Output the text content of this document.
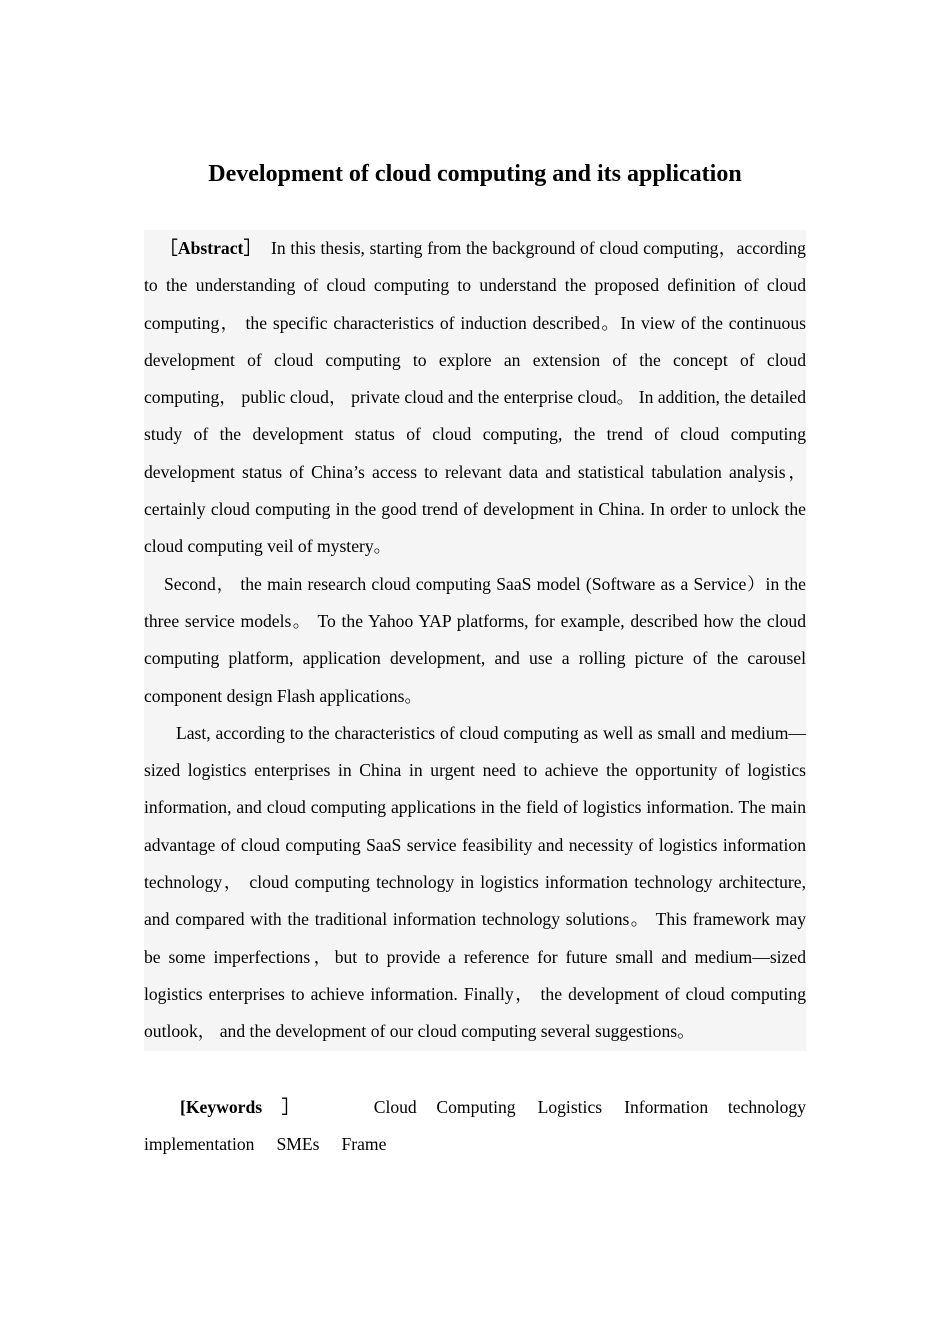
Development of cloud computing and its application

［Abstract］ In this thesis, starting from the background of cloud computing，according to the understanding of cloud computing to understand the proposed definition of cloud computing， the specific characteristics of induction described。In view of the continuous development of cloud computing to explore an extension of the concept of cloud computing， public cloud， private cloud and the enterprise cloud。 In addition, the detailed study of the development status of cloud computing, the trend of cloud computing development status of China’s access to relevant data and statistical tabulation analysis， certainly cloud computing in the good trend of development in China. In order to unlock the cloud computing veil of mystery。

Second， the main research cloud computing SaaS model (Software as a Service）in the three service models。 To the Yahoo YAP platforms, for example, described how the cloud computing platform, application development, and use a rolling picture of the carousel component design Flash applications。

Last, according to the characteristics of cloud computing as well as small and medium—sized logistics enterprises in China in urgent need to achieve the opportunity of logistics information, and cloud computing applications in the field of logistics information. The main advantage of cloud computing SaaS service feasibility and necessity of logistics information technology， cloud computing technology in logistics information technology architecture, and compared with the traditional information technology solutions。 This framework may be some imperfections，but to provide a reference for future small and medium—sized logistics enterprises to achieve information. Finally， the development of cloud computing outlook， and the development of our cloud computing several suggestions。

[Keywords ］	Cloud Computing Logistics Information technology implementation SMEs Frame
